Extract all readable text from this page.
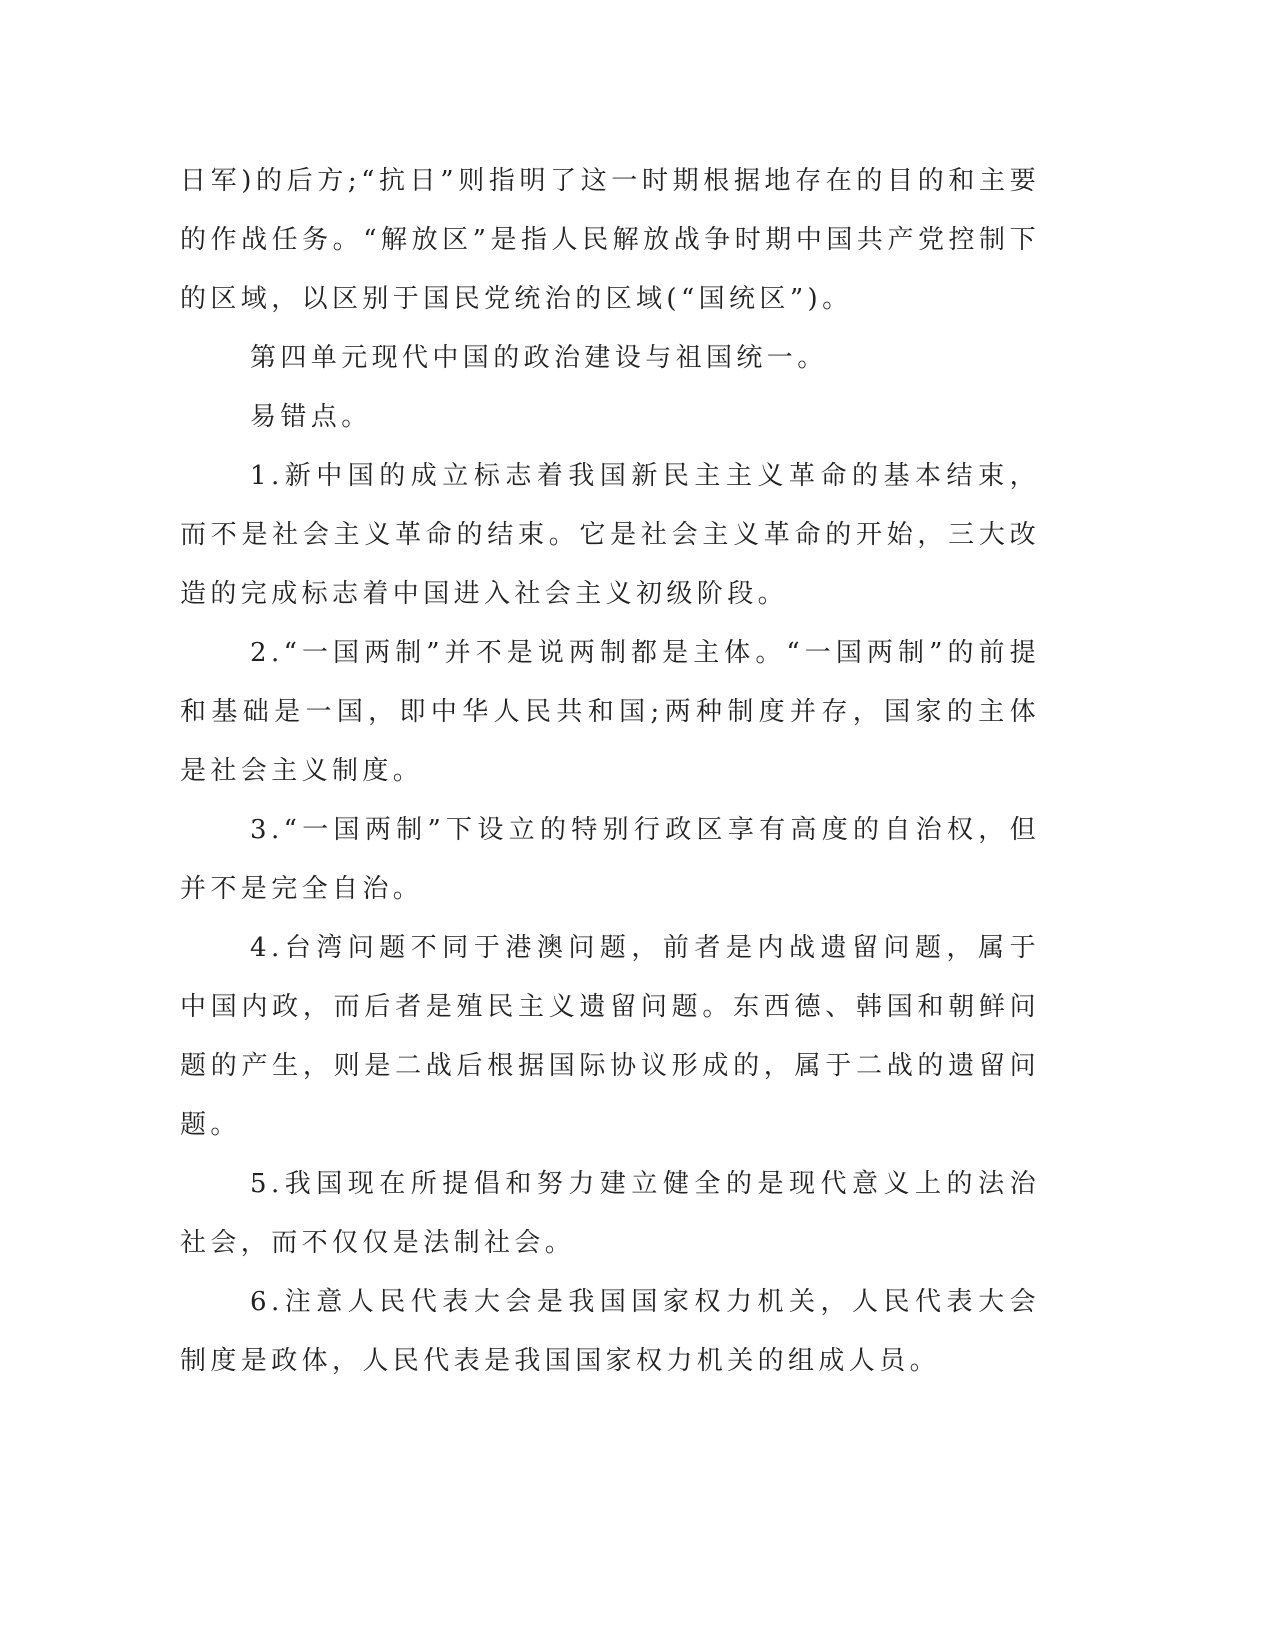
日军)的后方;“抗日”则指明了这一时期根据地存在的目的和主要的作战任务。“解放区”是指人民解放战争时期中国共产党控制下的区域，以区别于国民党统治的区域(“国统区”)。

第四单元现代中国的政治建设与祖国统一。

易错点。

1.新中国的成立标志着我国新民主主义革命的基本结束，而不是社会主义革命的结束。它是社会主义革命的开始，三大改造的完成标志着中国进入社会主义初级阶段。

2.“一国两制”并不是说两制都是主体。“一国两制”的前提和基础是一国，即中华人民共和国;两种制度并存，国家的主体是社会主义制度。

3.“一国两制”下设立的特别行政区享有高度的自治权，但并不是完全自治。

4.台湾问题不同于港澳问题，前者是内战遗留问题，属于中国内政，而后者是殖民主义遗留问题。东西德、韩国和朝鲜问题的产生，则是二战后根据国际协议形成的，属于二战的遗留问题。

5.我国现在所提倡和努力建立健全的是现代意义上的法治社会，而不仅仅是法制社会。

6.注意人民代表大会是我国国家权力机关，人民代表大会制度是政体，人民代表是我国国家权力机关的组成人员。
